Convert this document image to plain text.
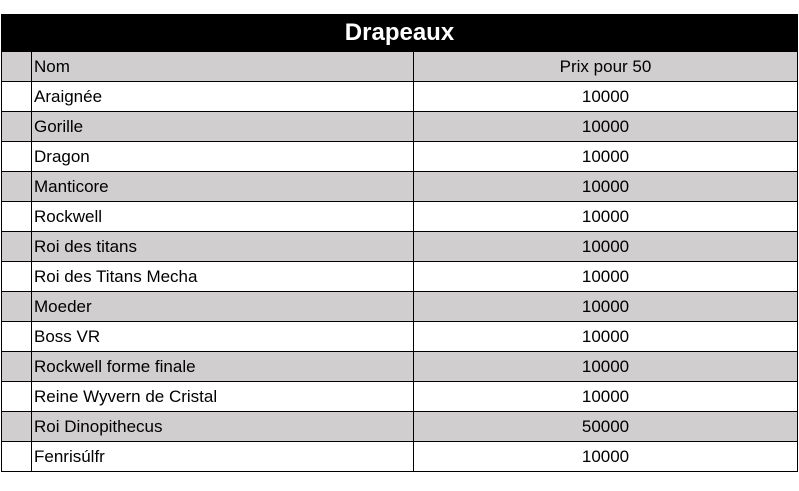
Drapeaux		
	Nom	Prix pour 50
	Araignée	10000
	Gorille	10000
	Dragon	10000
	Manticore	10000
	Rockwell	10000
	Roi des titans	10000
	Roi des Titans Mecha	10000
	Moeder	10000
	Boss VR	10000
	Rockwell forme finale	10000
	Reine Wyvern de Cristal	10000
	Roi Dinopithecus	50000
	Fenrisúlfr	10000
